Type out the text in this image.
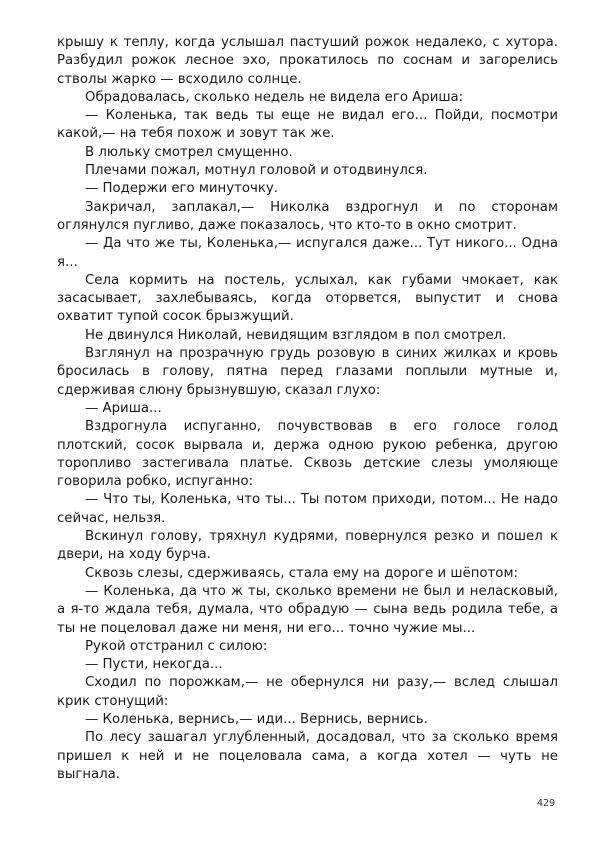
крышу к теплу, когда услышал пастуший рожок недалеко, с хутора. Разбудил рожок лесное эхо, прокатилось по соснам и загорелись стволы жарко — всходило солнце.

Обрадовалась, сколько недель не видела его Ариша:

— Коленька, так ведь ты еще не видал его... Пойди, посмотри какой,— на тебя похож и зовут так же.

В люльку смотрел смущенно.

Плечами пожал, мотнул головой и отодвинулся.

— Подержи его минуточку.

Закричал, заплакал,— Николка вздрогнул и по сторонам оглянулся пугливо, даже показалось, что кто-то в окно смотрит.

— Да что же ты, Коленька,— испугался даже... Тут никого... Одна я...

Села кормить на постель, услыхал, как губами чмокает, как засасывает, захлебываясь, когда оторвется, выпустит и снова охватит тупой сосок брызжущий.

Не двинулся Николай, невидящим взглядом в пол смотрел.

Взглянул на прозрачную грудь розовую в синих жилках и кровь бросилась в голову, пятна перед глазами поплыли мутные и, сдерживая слюну брызнувшую, сказал глухо:

— Ариша...

Вздрогнула испуганно, почувствовав в его голосе голод плотский, сосок вырвала и, держа одною рукою ребенка, другою торопливо застегивала платье. Сквозь детские слезы умоляюще говорила робко, испуганно:

— Что ты, Коленька, что ты... Ты потом приходи, потом... Не надо сейчас, нельзя.

Вскинул голову, тряхнул кудрями, повернулся резко и пошел к двери, на ходу бурча.

Сквозь слезы, сдерживаясь, стала ему на дороге и шёпотом:

— Коленька, да что ж ты, сколько времени не был и неласковый, а я-то ждала тебя, думала, что обрадую — сына ведь родила тебе, а ты не поцеловал даже ни меня, ни его... точно чужие мы...

Рукой отстранил с силою:

— Пусти, некогда...

Сходил по порожкам,— не обернулся ни разу,— вслед слышал крик стонущий:

— Коленька, вернись,— иди... Вернись, вернись.

По лесу зашагал углубленный, досадовал, что за сколько время пришел к ней и не поцеловала сама, а когда хотел — чуть не выгнала.

429
